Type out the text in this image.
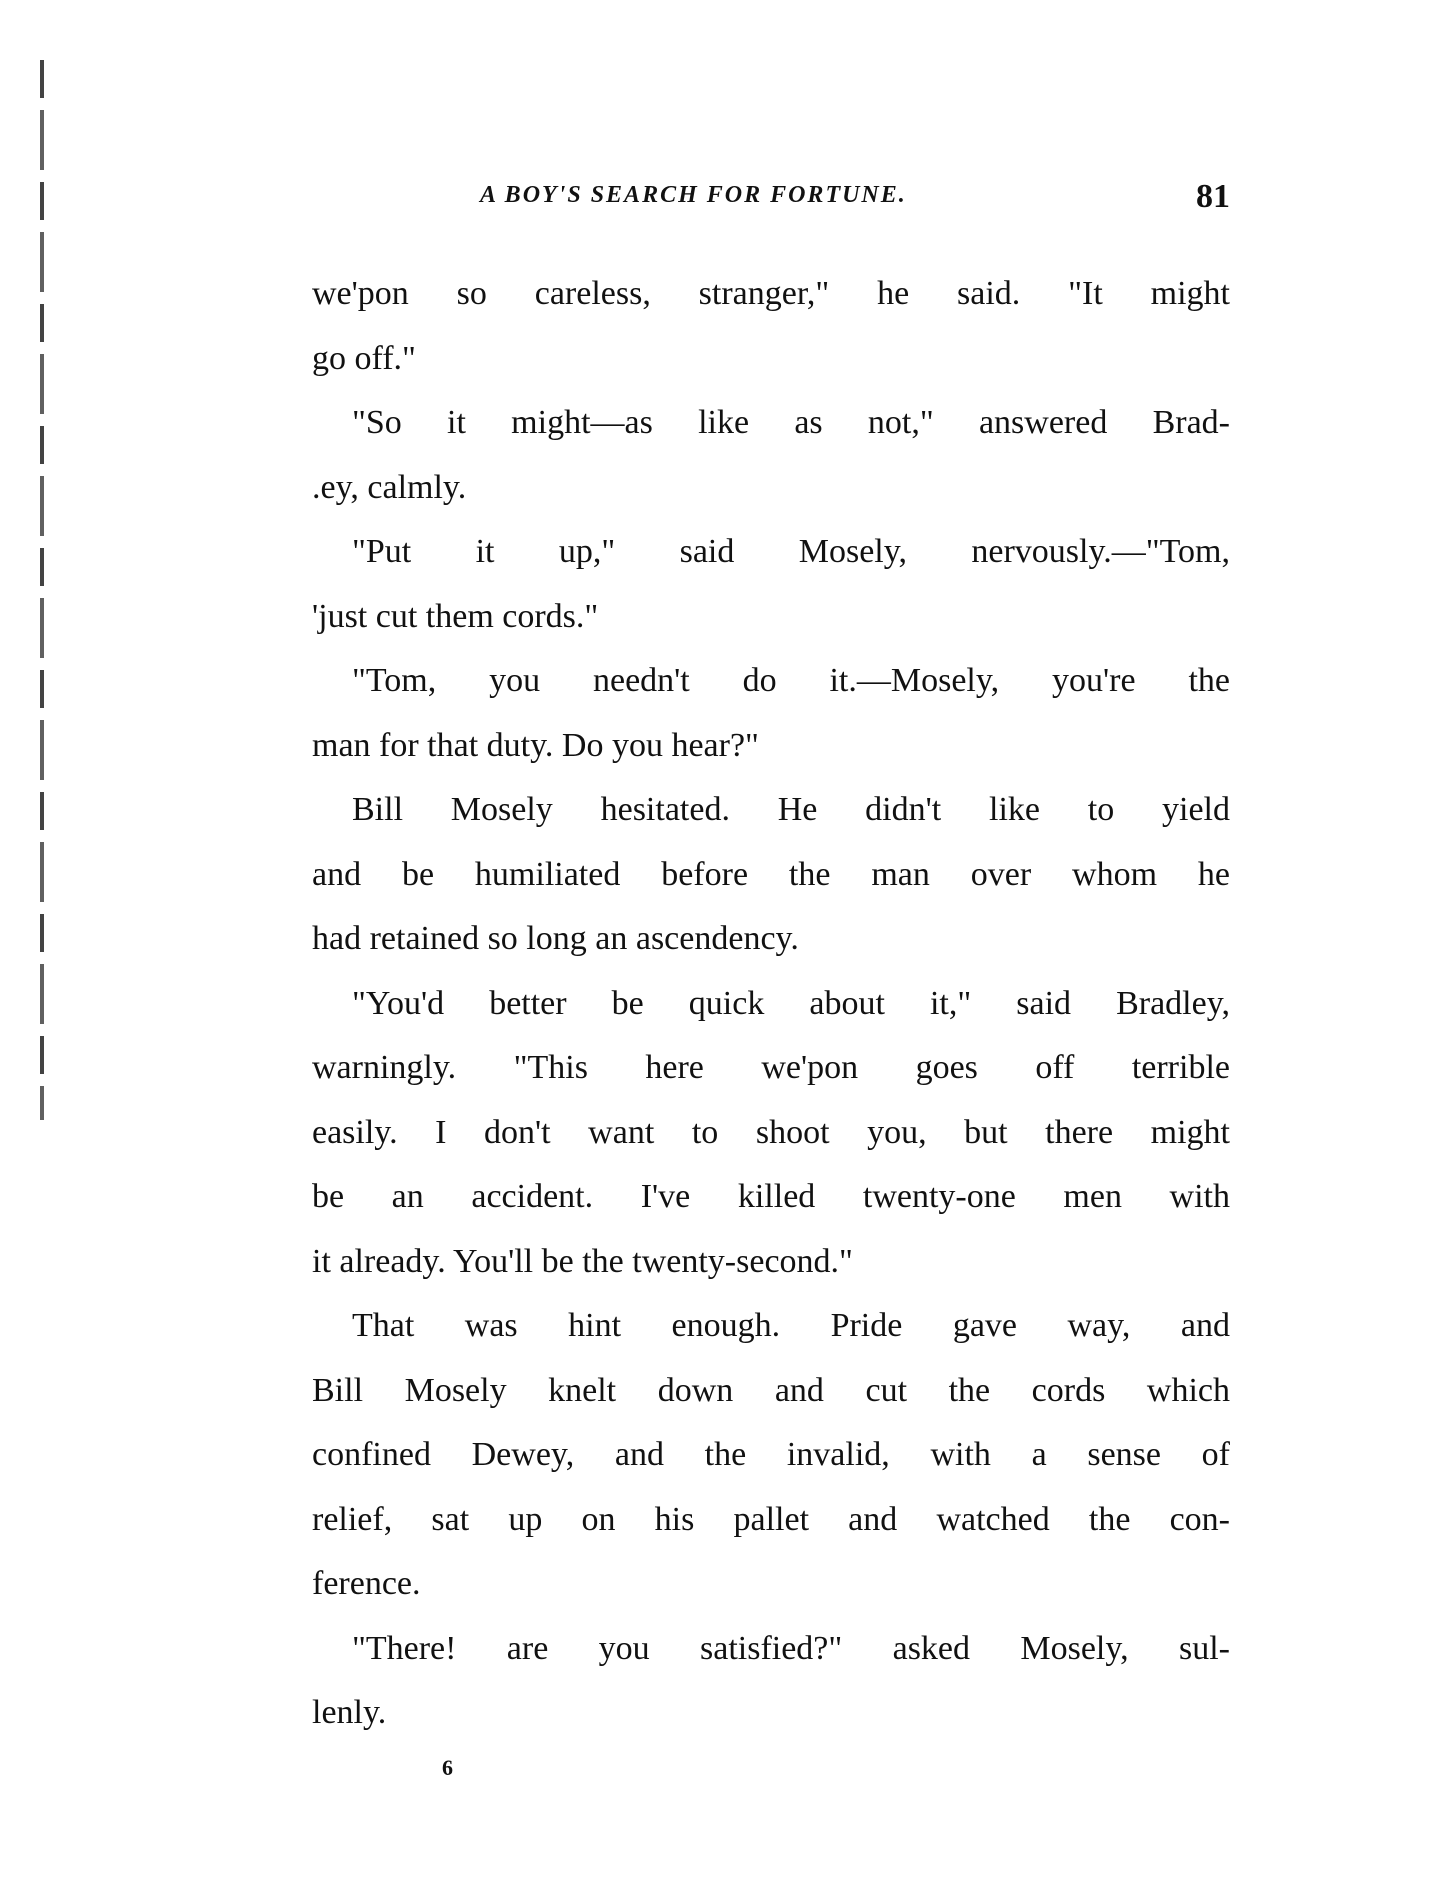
A BOY'S SEARCH FOR FORTUNE.	81
we'pon so careless, stranger," he said. "It might
go off."
"So it might—as like as not," answered Brad-
.ey, calmly.
"Put it up," said Mosely, nervously.—"Tom,
'just cut them cords."
"Tom, you needn't do it.—Mosely, you're the
man for that duty. Do you hear?"
Bill Mosely hesitated. He didn't like to yield
and be humiliated before the man over whom he
had retained so long an ascendency.
"You'd better be quick about it," said Bradley,
warningly. "This here we'pon goes off terrible
easily. I don't want to shoot you, but there might
be an accident. I've killed twenty-one men with
it already. You'll be the twenty-second."
That was hint enough. Pride gave way, and
Bill Mosely knelt down and cut the cords which
confined Dewey, and the invalid, with a sense of
relief, sat up on his pallet and watched the con-
ference.
"There! are you satisfied?" asked Mosely, sul-
lenly.
6
